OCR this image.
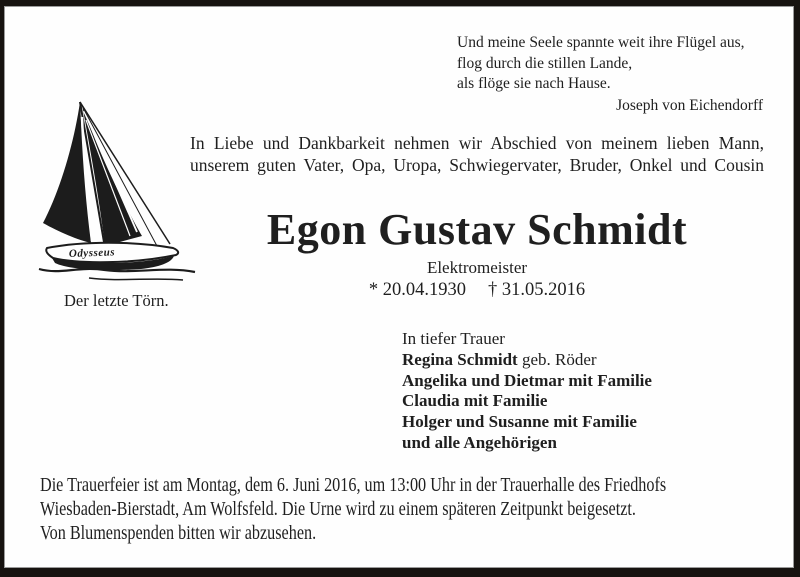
Und meine Seele spannte weit ihre Flügel aus,
flog durch die stillen Lande,
als flöge sie nach Hause.
Joseph von Eichendorff
Odysseus
Der letzte Törn.
In Liebe und Dankbarkeit nehmen wir Abschied von meinem lieben Mann,
unserem guten Vater, Opa, Uropa, Schwiegervater, Bruder, Onkel und Cousin
Egon Gustav Schmidt
Elektromeister
* 20.04.1930 † 31.05.2016
In tiefer Trauer
Regina Schmidt geb. Röder
Angelika und Dietmar mit Familie
Claudia mit Familie
Holger und Susanne mit Familie
und alle Angehörigen
Die Trauerfeier ist am Montag, dem 6. Juni 2016, um 13:00 Uhr in der Trauerhalle des Friedhofs
Wiesbaden-Bierstadt, Am Wolfsfeld. Die Urne wird zu einem späteren Zeitpunkt beigesetzt.
Von Blumenspenden bitten wir abzusehen.
